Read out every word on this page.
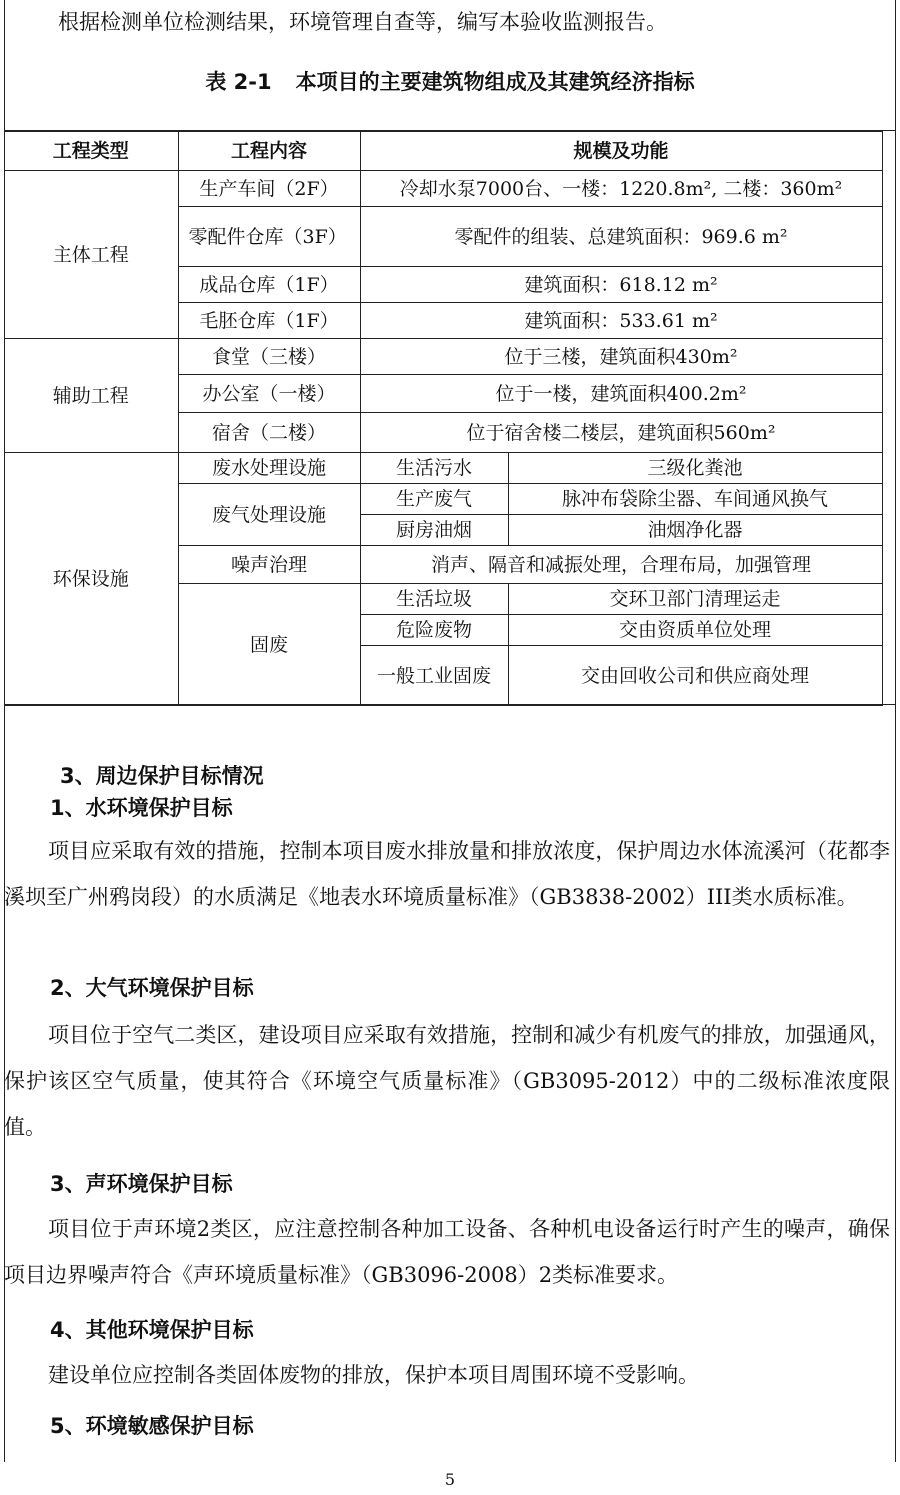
根据检测单位检测结果，环境管理自查等，编写本验收监测报告。
表 2-1 本项目的主要建筑物组成及其建筑经济指标
工程类型	工程内容	规模及功能	
主体工程	生产车间（2F）	冷却水泵7000台、一楼：1220.8m², 二楼：360m²	
	零配件仓库（3F）	零配件的组装、总建筑面积：969.6 m²	
	成品仓库（1F）	建筑面积：618.12 m²	
	毛胚仓库（1F）	建筑面积：533.61 m²	
辅助工程	食堂（三楼）	位于三楼，建筑面积430m²	
	办公室（一楼）	位于一楼，建筑面积400.2m²	
	宿舍（二楼）	位于宿舍楼二楼层，建筑面积560m²	
环保设施	废水处理设施	生活污水	三级化粪池
	废气处理设施	生产废气	脉冲布袋除尘器、车间通风换气
		厨房油烟	油烟净化器
	噪声治理	消声、隔音和减振处理，合理布局，加强管理	
	固废	生活垃圾	交环卫部门清理运走
		危险废物	交由资质单位处理
		一般工业固废	交由回收公司和供应商处理
3、周边保护目标情况
1、水环境保护目标
项目应采取有效的措施，控制本项目废水排放量和排放浓度，保护周边水体流溪河（花都李溪坝至广州鸦岗段）的水质满足《地表水环境质量标准》（GB3838-2002）III类水质标准。
2、大气环境保护目标
项目位于空气二类区，建设项目应采取有效措施，控制和减少有机废气的排放，加强通风，保护该区空气质量，使其符合《环境空气质量标准》（GB3095-2012）中的二级标准浓度限值。
3、声环境保护目标
项目位于声环境2类区，应注意控制各种加工设备、各种机电设备运行时产生的噪声，确保项目边界噪声符合《声环境质量标准》（GB3096-2008）2类标准要求。
4、其他环境保护目标
建设单位应控制各类固体废物的排放，保护本项目周围环境不受影响。
5、环境敏感保护目标
5
